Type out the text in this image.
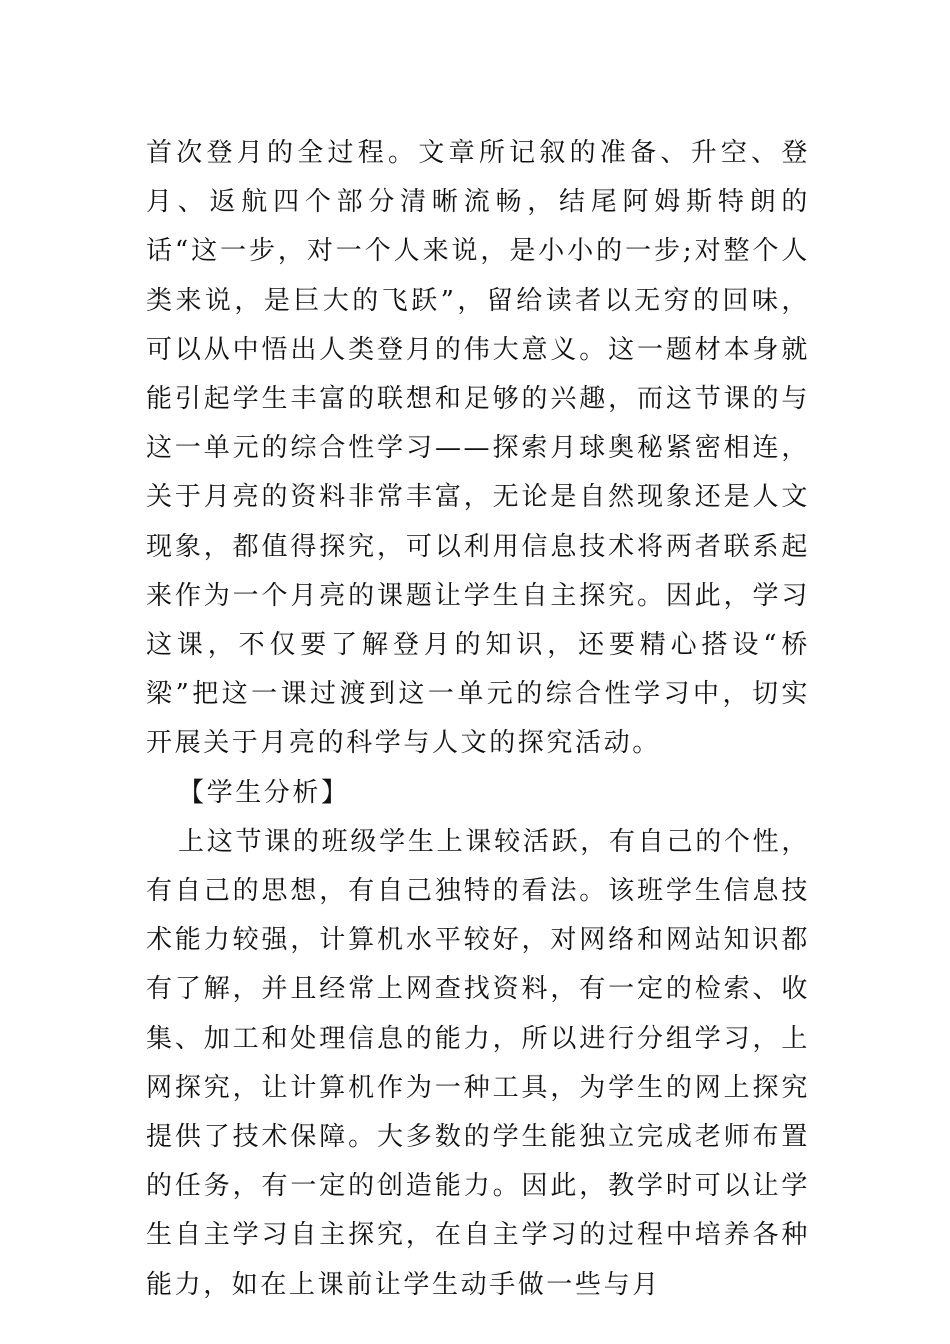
首次登月的全过程。文章所记叙的准备、升空、登月、返航四个部分清晰流畅，结尾阿姆斯特朗的话“这一步，对一个人来说，是小小的一步;对整个人类来说，是巨大的飞跃”，留给读者以无穷的回味，可以从中悟出人类登月的伟大意义。这一题材本身就能引起学生丰富的联想和足够的兴趣，而这节课的与这一单元的综合性学习——探索月球奥秘紧密相连，关于月亮的资料非常丰富，无论是自然现象还是人文现象，都值得探究，可以利用信息技术将两者联系起来作为一个月亮的课题让学生自主探究。因此，学习这课，不仅要了解登月的知识，还要精心搭设“桥梁”把这一课过渡到这一单元的综合性学习中，切实开展关于月亮的科学与人文的探究活动。

【学生分析】

上这节课的班级学生上课较活跃，有自己的个性，有自己的思想，有自己独特的看法。该班学生信息技术能力较强，计算机水平较好，对网络和网站知识都有了解，并且经常上网查找资料，有一定的检索、收集、加工和处理信息的能力，所以进行分组学习，上网探究，让计算机作为一种工具，为学生的网上探究提供了技术保障。大多数的学生能独立完成老师布置的任务，有一定的创造能力。因此，教学时可以让学生自主学习自主探究，在自主学习的过程中培养各种能力，如在上课前让学生动手做一些与月
